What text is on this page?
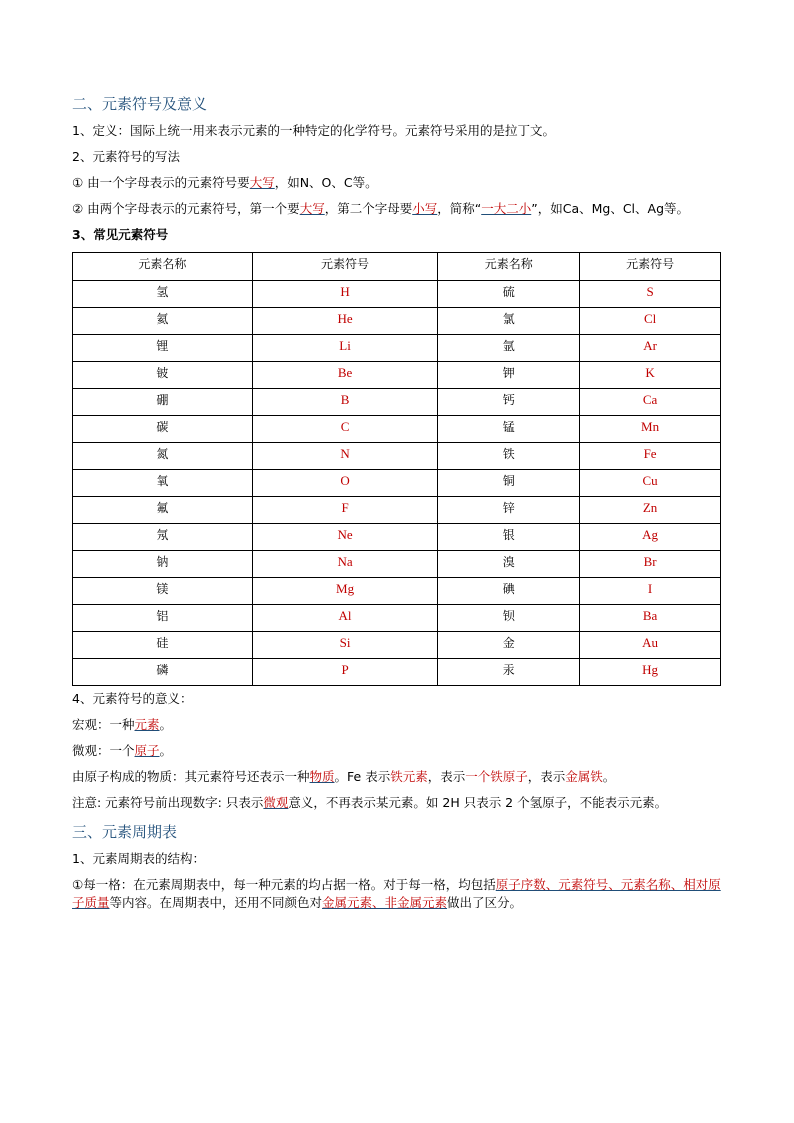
二、元素符号及意义
1、定义：国际上统一用来表示元素的一种特定的化学符号。元素符号采用的是拉丁文。
2、元素符号的写法
① 由一个字母表示的元素符号要大写，如N、O、C等。
② 由两个字母表示的元素符号，第一个要大写，第二个字母要小写，简称“一大二小”，如Ca、Mg、Cl、Ag等。
3、常见元素符号
元素名称	元素符号	元素名称	元素符号
氢	H	硫	S
氦	He	氯	Cl
锂	Li	氩	Ar
铍	Be	钾	K
硼	B	钙	Ca
碳	C	锰	Mn
氮	N	铁	Fe
氧	O	铜	Cu
氟	F	锌	Zn
氖	Ne	银	Ag
钠	Na	溴	Br
镁	Mg	碘	I
铝	Al	钡	Ba
硅	Si	金	Au
磷	P	汞	Hg
4、元素符号的意义：
宏观：一种元素。
微观：一个原子。
由原子构成的物质：其元素符号还表示一种物质。Fe 表示铁元素，表示一个铁原子，表示金属铁。
注意: 元素符号前出现数字: 只表示微观意义，不再表示某元素。如 2H 只表示 2 个氢原子，不能表示元素。
三、元素周期表
1、元素周期表的结构：
①每一格：在元素周期表中，每一种元素的均占据一格。对于每一格，均包括原子序数、元素符号、元素名称、相对原子质量等内容。在周期表中，还用不同颜色对金属元素、非金属元素做出了区分。
